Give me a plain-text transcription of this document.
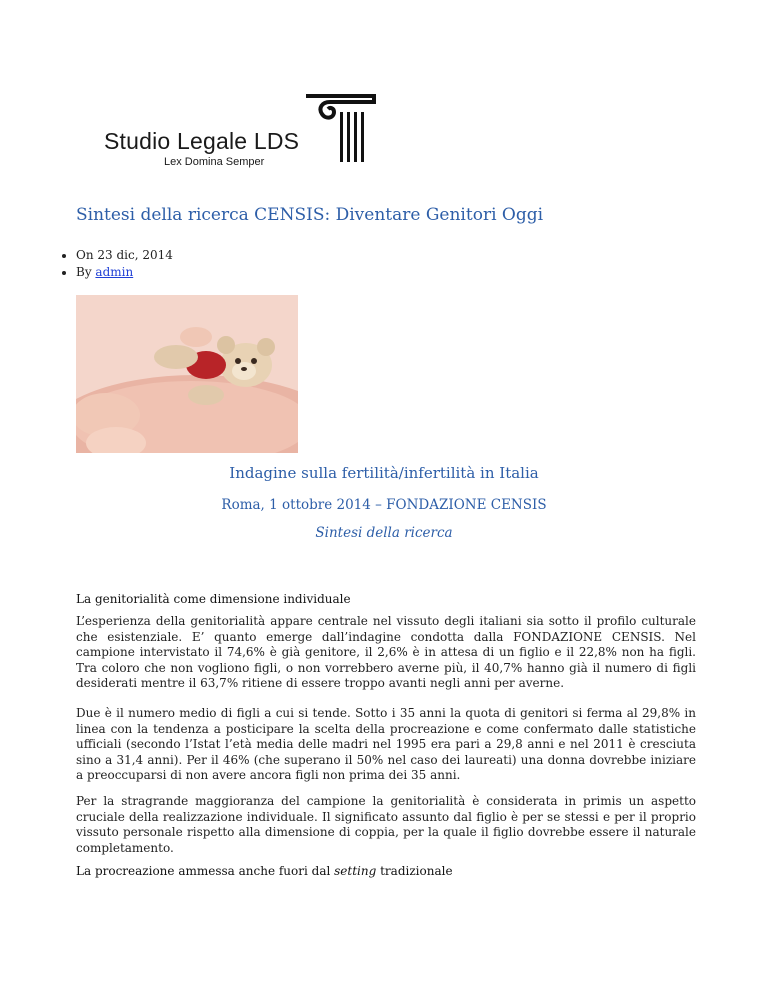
Studio Legale LDS
Lex Domina Semper
Sintesi della ricerca CENSIS: Diventare Genitori Oggi
• On 23 dic, 2014
• By admin
Indagine sulla fertilità/infertilità in Italia
Roma, 1 ottobre 2014 – FONDAZIONE CENSIS
Sintesi della ricerca

La genitorialità come dimensione individuale

L’esperienza della genitorialità appare centrale nel vissuto degli italiani sia sotto il profilo culturale che esistenziale. E’ quanto emerge dall’indagine condotta dalla FONDAZIONE CENSIS. Nel campione intervistato il 74,6% è già genitore, il 2,6% è in attesa di un figlio e il 22,8% non ha figli. Tra coloro che non vogliono figli, o non vorrebbero averne più, il 40,7% hanno già il numero di figli desiderati mentre il 63,7% ritiene di essere troppo avanti negli anni per averne.

Due è il numero medio di figli a cui si tende. Sotto i 35 anni la quota di genitori si ferma al 29,8% in linea con la tendenza a posticipare la scelta della procreazione e come confermato dalle statistiche ufficiali (secondo l’Istat l’età media delle madri nel 1995 era pari a 29,8 anni e nel 2011 è cresciuta sino a 31,4 anni). Per il 46% (che superano il 50% nel caso dei laureati) una donna dovrebbe iniziare a preoccuparsi di non avere ancora figli non prima dei 35 anni.

Per la stragrande maggioranza del campione la genitorialità è considerata in primis un aspetto cruciale della realizzazione individuale. Il significato assunto dal figlio è per se stessi e per il proprio vissuto personale rispetto alla dimensione di coppia, per la quale il figlio dovrebbe essere il naturale completamento.

La procreazione ammessa anche fuori dal setting tradizionale
